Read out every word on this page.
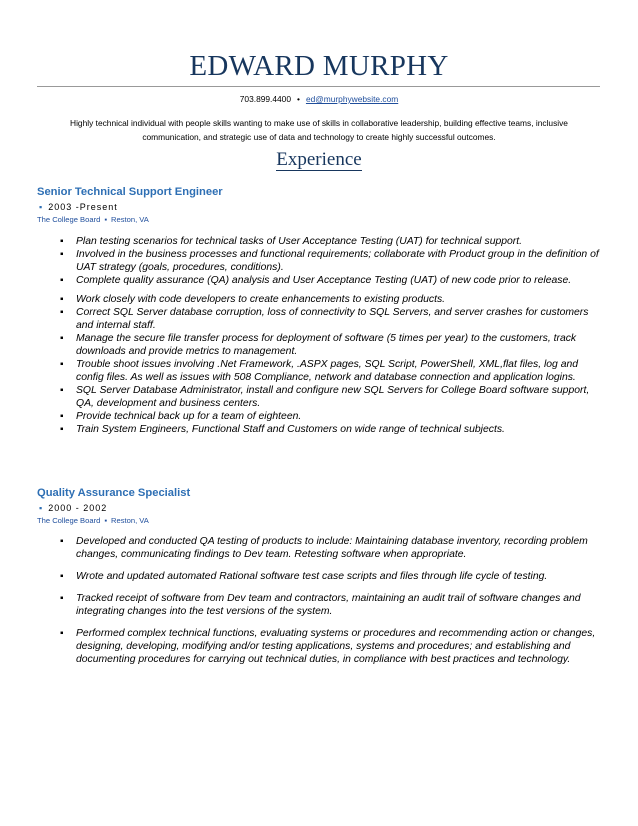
EDWARD MURPHY
703.899.4400 • ed@murphywebsite.com
Highly technical individual with people skills wanting to make use of skills in collaborative leadership, building effective teams, inclusive communication, and strategic use of data and technology to create highly successful outcomes.
Experience
Senior Technical Support Engineer
▪ 2003 -Present
The College Board ▪ Reston, VA
▪ Plan testing scenarios for technical tasks of User Acceptance Testing (UAT) for technical support.
▪ Involved in the business processes and functional requirements; collaborate with Product group in the definition of UAT strategy (goals, procedures, conditions).
▪ Complete quality assurance (QA) analysis and User Acceptance Testing (UAT) of new code prior to release.
▪ Work closely with code developers to create enhancements to existing products.
▪ Correct SQL Server database corruption, loss of connectivity to SQL Servers, and server crashes for customers and internal staff.
▪ Manage the secure file transfer process for deployment of software (5 times per year) to the customers, track downloads and provide metrics to management.
▪ Trouble shoot issues involving .Net Framework, .ASPX pages, SQL Script, PowerShell, XML,flat files, log and config files. As well as issues with 508 Compliance, network and database connection and application logins.
▪ SQL Server Database Administrator, install and configure new SQL Servers for College Board software support, QA, development and business centers.
▪ Provide technical back up for a team of eighteen.
▪ Train System Engineers, Functional Staff and Customers on wide range of technical subjects.
Quality Assurance Specialist
▪ 2000 - 2002
The College Board ▪ Reston, VA
▪ Developed and conducted QA testing of products to include: Maintaining database inventory, recording problem changes, communicating findings to Dev team. Retesting software when appropriate.
▪ Wrote and updated automated Rational software test case scripts and files through life cycle of testing.
▪ Tracked receipt of software from Dev team and contractors, maintaining an audit trail of software changes and integrating changes into the test versions of the system.
▪ Performed complex technical functions, evaluating systems or procedures and recommending action or changes, designing, developing, modifying and/or testing applications, systems and procedures; and establishing and documenting procedures for carrying out technical duties, in compliance with best practices and technology.
